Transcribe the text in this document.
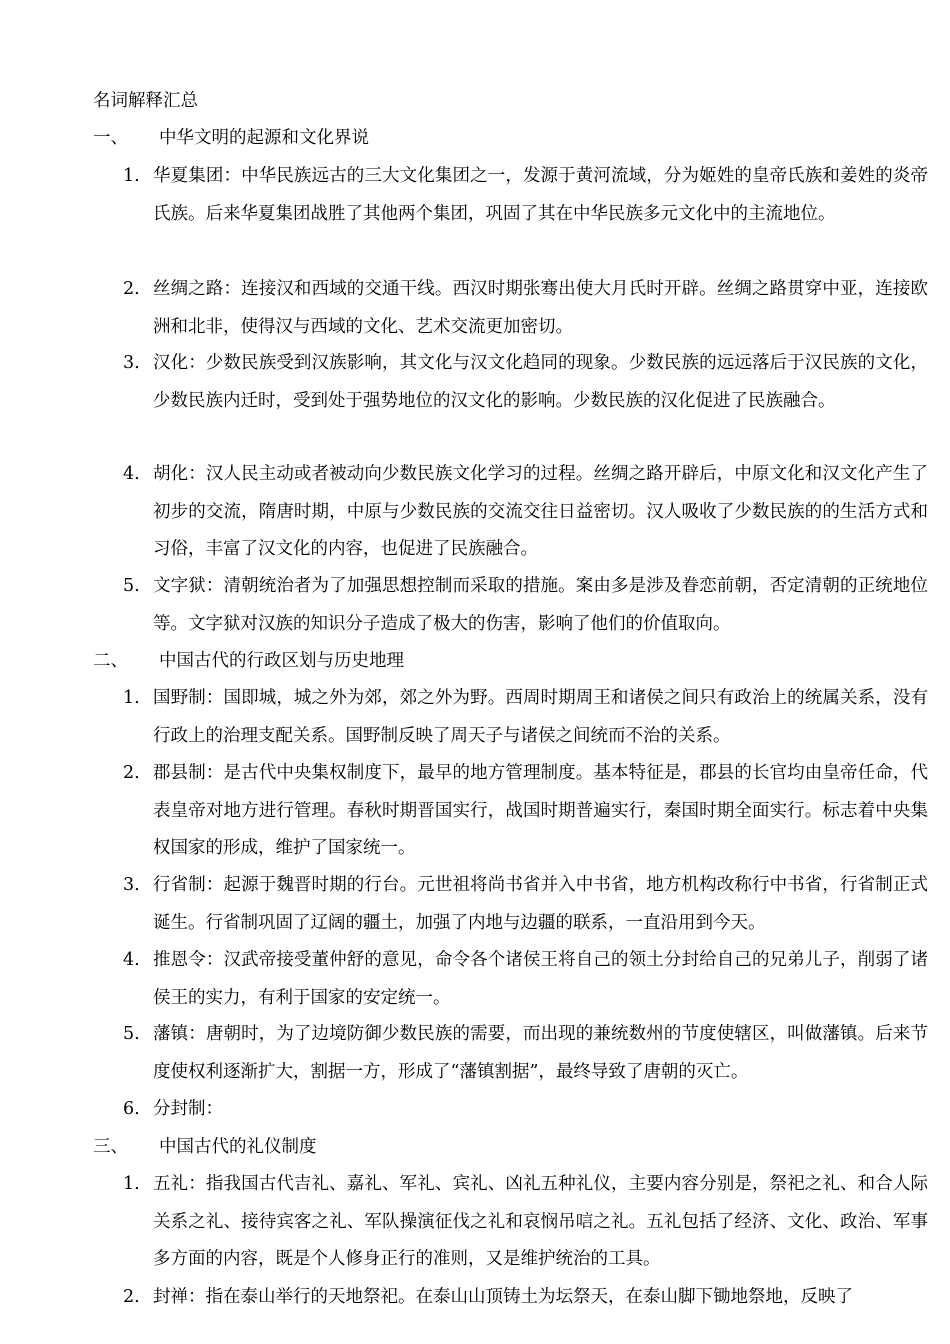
名词解释汇总
一、 中华文明的起源和文化界说
1. 华夏集团：中华民族远古的三大文化集团之一，发源于黄河流域，分为姬姓的皇帝氏族和姜姓的炎帝氏族。后来华夏集团战胜了其他两个集团，巩固了其在中华民族多元文化中的主流地位。
2. 丝绸之路：连接汉和西域的交通干线。西汉时期张骞出使大月氏时开辟。丝绸之路贯穿中亚，连接欧洲和北非，使得汉与西域的文化、艺术交流更加密切。
3. 汉化：少数民族受到汉族影响，其文化与汉文化趋同的现象。少数民族的远远落后于汉民族的文化，少数民族内迁时，受到处于强势地位的汉文化的影响。少数民族的汉化促进了民族融合。
4. 胡化：汉人民主动或者被动向少数民族文化学习的过程。丝绸之路开辟后，中原文化和汉文化产生了初步的交流，隋唐时期，中原与少数民族的交流交往日益密切。汉人吸收了少数民族的的生活方式和习俗，丰富了汉文化的内容，也促进了民族融合。
5. 文字狱：清朝统治者为了加强思想控制而采取的措施。案由多是涉及眷恋前朝，否定清朝的正统地位等。文字狱对汉族的知识分子造成了极大的伤害，影响了他们的价值取向。
二、 中国古代的行政区划与历史地理
1. 国野制：国即城，城之外为郊，郊之外为野。西周时期周王和诸侯之间只有政治上的统属关系，没有行政上的治理支配关系。国野制反映了周天子与诸侯之间统而不治的关系。
2. 郡县制：是古代中央集权制度下，最早的地方管理制度。基本特征是，郡县的长官均由皇帝任命，代表皇帝对地方进行管理。春秋时期晋国实行，战国时期普遍实行，秦国时期全面实行。标志着中央集权国家的形成，维护了国家统一。
3. 行省制：起源于魏晋时期的行台。元世祖将尚书省并入中书省，地方机构改称行中书省，行省制正式诞生。行省制巩固了辽阔的疆土，加强了内地与边疆的联系，一直沿用到今天。
4. 推恩令：汉武帝接受董仲舒的意见，命令各个诸侯王将自己的领土分封给自己的兄弟儿子，削弱了诸侯王的实力，有利于国家的安定统一。
5. 藩镇：唐朝时，为了边境防御少数民族的需要，而出现的兼统数州的节度使辖区，叫做藩镇。后来节度使权利逐渐扩大，割据一方，形成了“藩镇割据”，最终导致了唐朝的灭亡。
6. 分封制：
三、 中国古代的礼仪制度
1. 五礼：指我国古代吉礼、嘉礼、军礼、宾礼、凶礼五种礼仪，主要内容分别是，祭祀之礼、和合人际关系之礼、接待宾客之礼、军队操演征伐之礼和哀悯吊唁之礼。五礼包括了经济、文化、政治、军事多方面的内容，既是个人修身正行的准则，又是维护统治的工具。
2. 封禅：指在泰山举行的天地祭祀。在泰山山顶铸土为坛祭天，在泰山脚下锄地祭地，反映了
